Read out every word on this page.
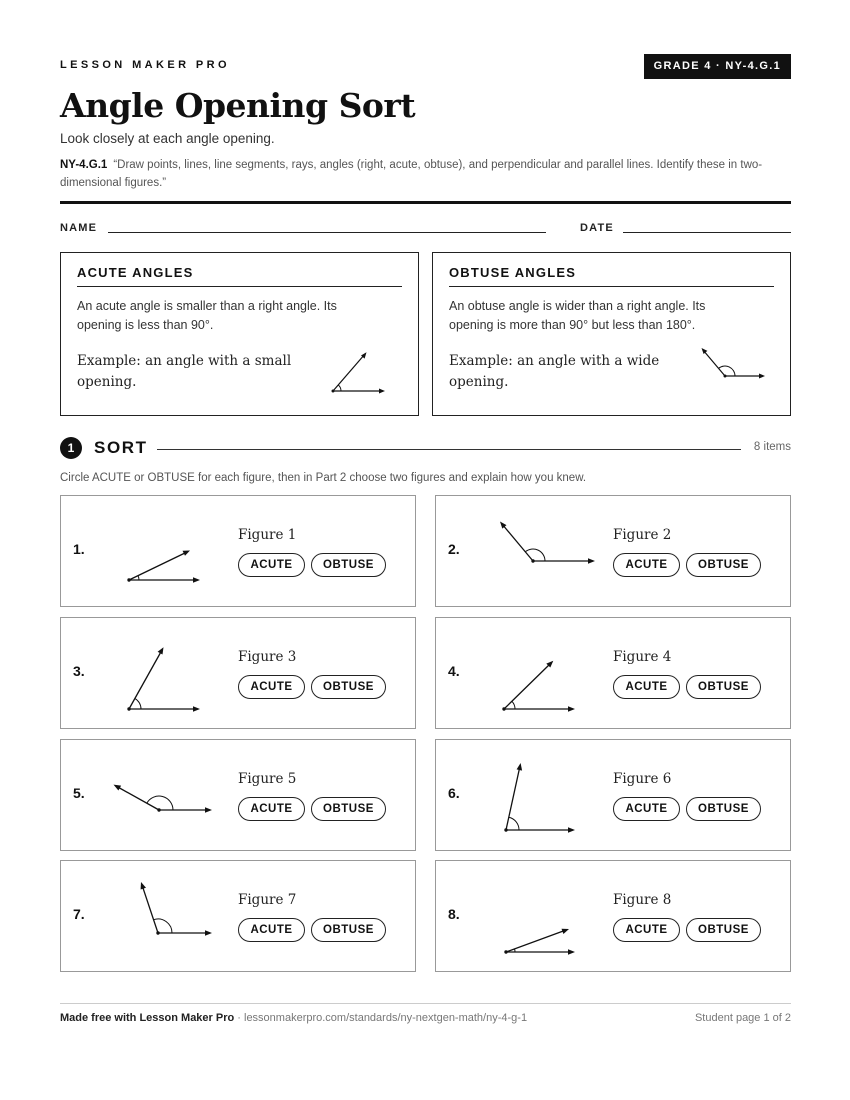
LESSON MAKER PRO	GRADE 4 · NY-4.G.1
Angle Opening Sort
Look closely at each angle opening.
NY-4.G.1 “Draw points, lines, line segments, rays, angles (right, acute, obtuse), and perpendicular and parallel lines. Identify these in two-dimensional figures.”
NAME	DATE
ACUTE ANGLES
An acute angle is smaller than a right angle. Its opening is less than 90°.
Example: an angle with a small opening.
OBTUSE ANGLES
An obtuse angle is wider than a right angle. Its opening is more than 90° but less than 180°.
Example: an angle with a wide opening.
1	SORT	8 items
Circle ACUTE or OBTUSE for each figure, then in Part 2 choose two figures and explain how you knew.
1.
Figure 1
ACUTE	OBTUSE
2.
Figure 2
ACUTE	OBTUSE
3.
Figure 3
ACUTE	OBTUSE
4.
Figure 4
ACUTE	OBTUSE
5.
Figure 5
ACUTE	OBTUSE
6.
Figure 6
ACUTE	OBTUSE
7.
Figure 7
ACUTE	OBTUSE
8.
Figure 8
ACUTE	OBTUSE
Made free with Lesson Maker Pro · lessonmakerpro.com/standards/ny-nextgen-math/ny-4-g-1	Student page 1 of 2
